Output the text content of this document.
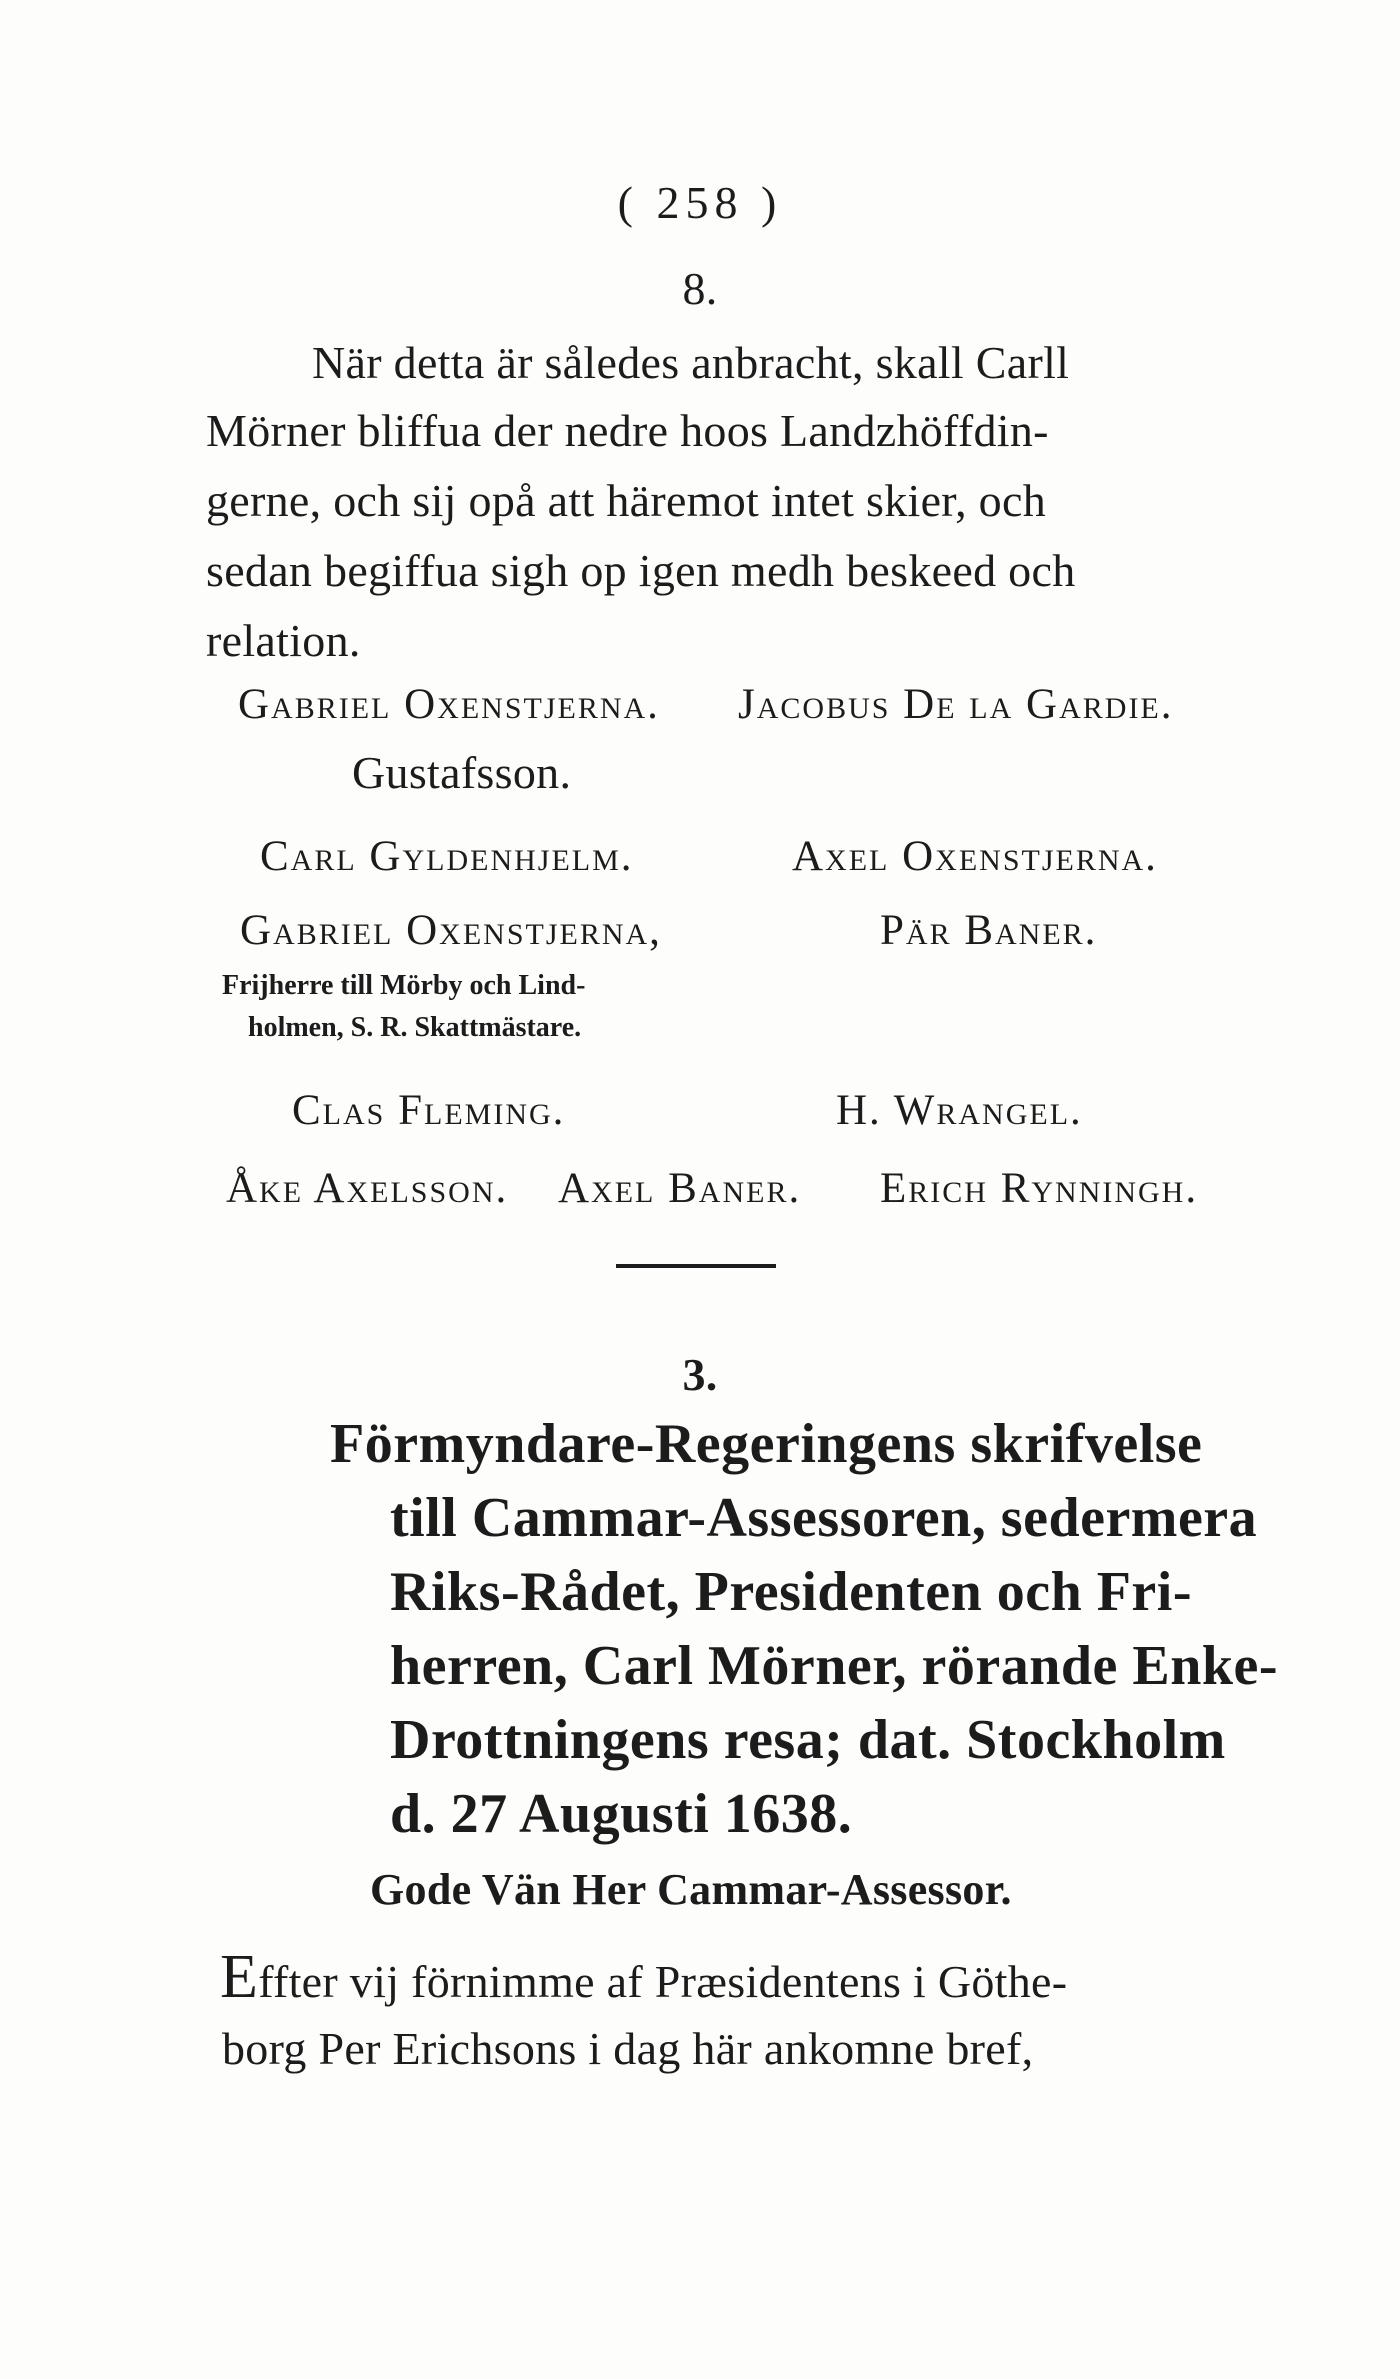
( 258 )
8.
När detta är således anbracht, skall Carll
Mörner bliffua der nedre hoos Landzhöffdin-
gerne, och sij opå att häremot intet skier, och
sedan begiffua sigh op igen medh beskeed och
relation.
Gabriel Oxenstjerna. Jacobus De la Gardie.
Gustafsson.
Carl Gyldenhjelm.	Axel Oxenstjerna.
Gabriel Oxenstjerna,	Pär Baner.
Frijherre till Mörby och Lind-
holmen, S. R. Skattmästare.
Clas Fleming.	H. Wrangel.
Åke Axelsson. Axel Baner. Erich Rynningh.
3.
Förmyndare-Regeringens skrifvelse
till Cammar-Assessoren, sedermera
Riks-Rådet, Presidenten och Fri-
herren, Carl Mörner, rörande Enke-
Drottningens resa; dat. Stockholm
d. 27 Augusti 1638.
Gode Vän Her Cammar-Assessor.
Effter vij förnimme af Præsidentens i Göthe-
borg Per Erichsons i dag här ankomne bref,
